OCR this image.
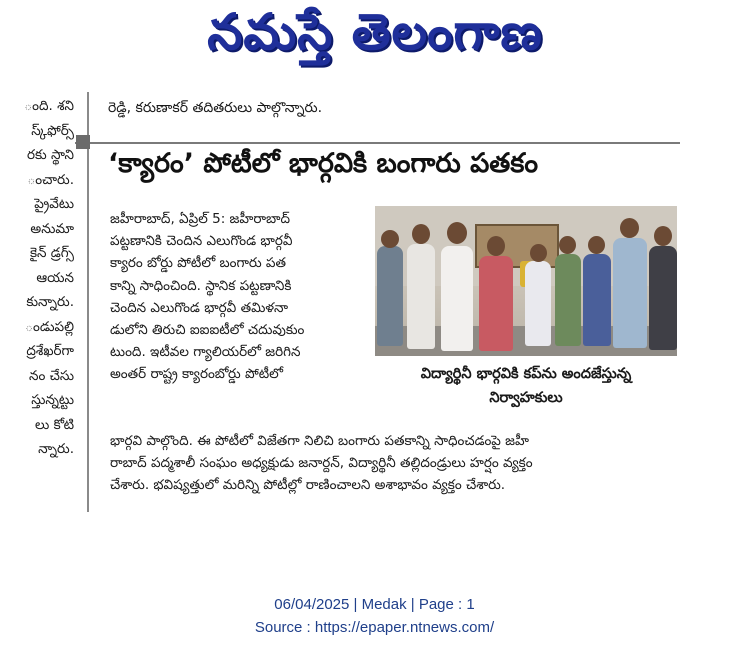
నమస్తే తెలంగాణ
ంది. శని
స్క్‌ఫోర్స్
రకు స్థాని
ంచారు.
ప్రైవేటు
అనుమా
కైన్ డ్రగ్స్
ఆయన
కున్నారు.
ండుపల్లి
ద్రశేఖర్‌గా
నం చేసు
స్తున్నట్టు
లు కోటి
న్నారు.
రెడ్డి, కరుణాకర్ తదితరులు పాల్గొన్నారు.
‘క్యారం’ పోటీలో భార్గవికి బంగారు పతకం
జహీరాబాద్, ఏప్రిల్ 5: జహీరాబాద్
పట్టణానికి చెందిన ఎలుగొండ భార్గవీ
క్యారం బోర్డు పోటీలో బంగారు పత
కాన్ని సాధించింది. స్థానిక పట్టణానికి
చెందిన ఎలుగొండ భార్గవీ తమిళనా
డులోని తిరుచి ఐఐఐటీలో చదువుకుం
టుంది. ఇటీవల గ్యాలియర్‌లో జరిగిన
అంతర్ రాష్ట్ర క్యారంబోర్డు పోటీలో	విద్యార్థినీ భార్గవికి కప్‌ను అందజేస్తున్న
నిర్వాహకులు
భార్గవి పాల్గొంది. ఈ పోటీలో విజేతగా నిలిచి బంగారు పతకాన్ని సాధించడంపై జహీ
రాబాద్ పద్మశాలీ సంఘం అధ్యక్షుడు జనార్దన్, విద్యార్థినీ తల్లిదండ్రులు హర్షం వ్యక్తం
చేశారు. భవిష్యత్తులో మరిన్ని పోటీల్లో రాణించాలని అశాభావం వ్యక్తం చేశారు.
06/04/2025 | Medak | Page : 1
Source : https://epaper.ntnews.com/
